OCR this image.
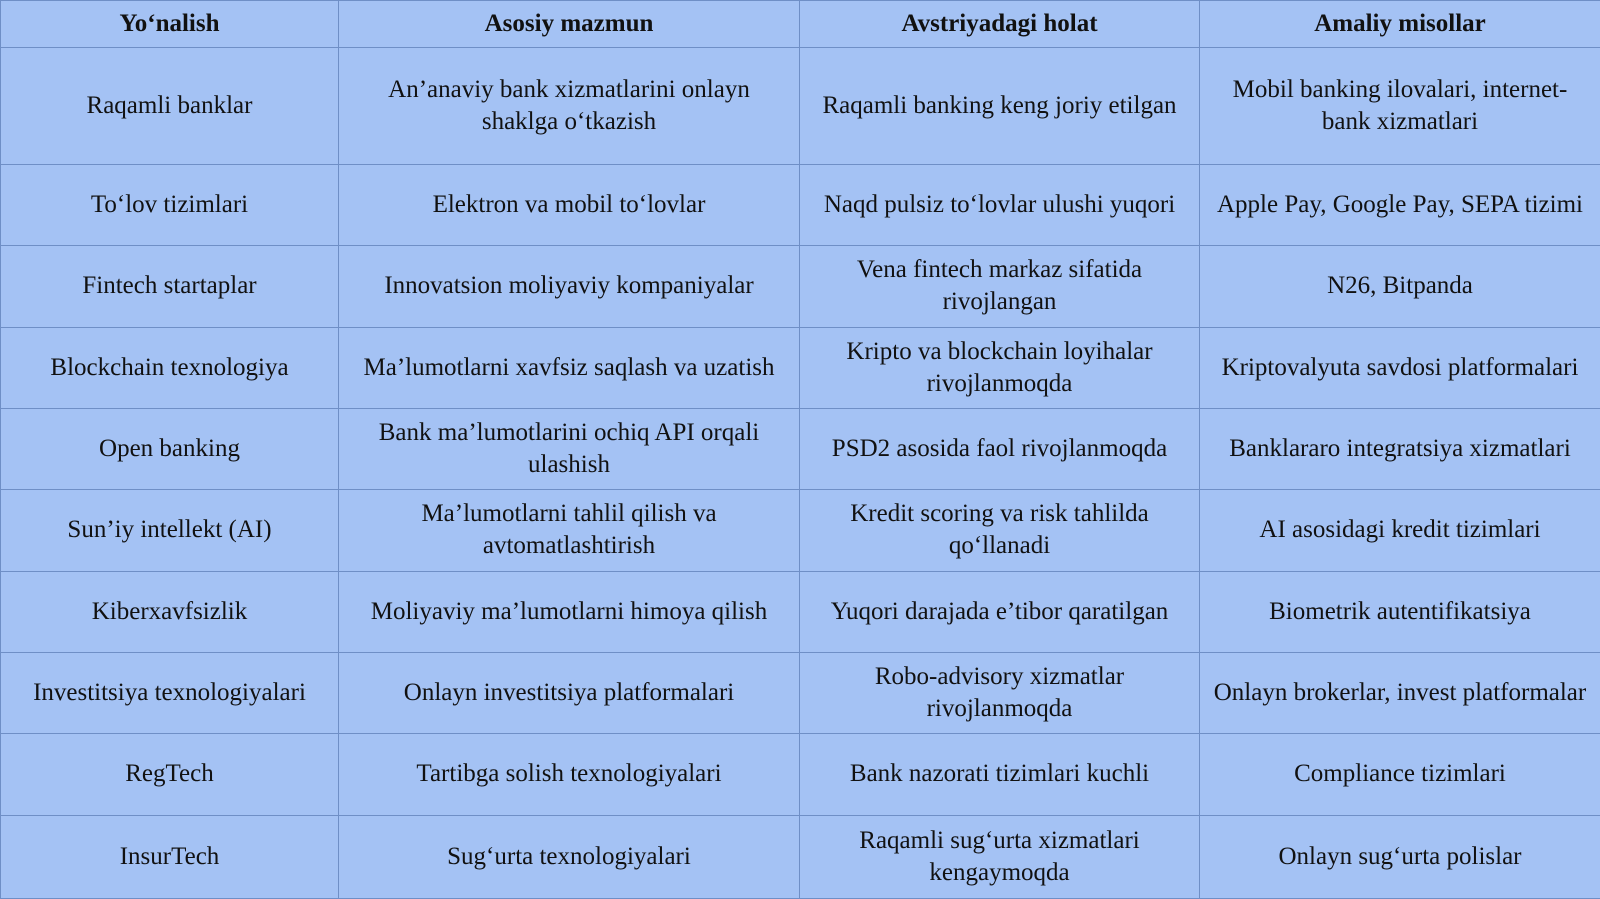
Yo‘nalish	Asosiy mazmun	Avstriyadagi holat	Amaliy misollar
Raqamli banklar	An’anaviy bank xizmatlarini onlayn shaklga o‘tkazish	Raqamli banking keng joriy etilgan	Mobil banking ilovalari, internet-bank xizmatlari
To‘lov tizimlari	Elektron va mobil to‘lovlar	Naqd pulsiz to‘lovlar ulushi yuqori	Apple Pay, Google Pay, SEPA tizimi
Fintech startaplar	Innovatsion moliyaviy kompaniyalar	Vena fintech markaz sifatida rivojlangan	N26, Bitpanda
Blockchain texnologiya	Ma’lumotlarni xavfsiz saqlash va uzatish	Kripto va blockchain loyihalar rivojlanmoqda	Kriptovalyuta savdosi platformalari
Open banking	Bank ma’lumotlarini ochiq API orqali ulashish	PSD2 asosida faol rivojlanmoqda	Banklararo integratsiya xizmatlari
Sun’iy intellekt (AI)	Ma’lumotlarni tahlil qilish va avtomatlashtirish	Kredit scoring va risk tahlilda qo‘llanadi	AI asosidagi kredit tizimlari
Kiberxavfsizlik	Moliyaviy ma’lumotlarni himoya qilish	Yuqori darajada e’tibor qaratilgan	Biometrik autentifikatsiya
Investitsiya texnologiyalari	Onlayn investitsiya platformalari	Robo-advisory xizmatlar rivojlanmoqda	Onlayn brokerlar, invest platformalar
RegTech	Tartibga solish texnologiyalari	Bank nazorati tizimlari kuchli	Compliance tizimlari
InsurTech	Sug‘urta texnologiyalari	Raqamli sug‘urta xizmatlari kengaymoqda	Onlayn sug‘urta polislar
